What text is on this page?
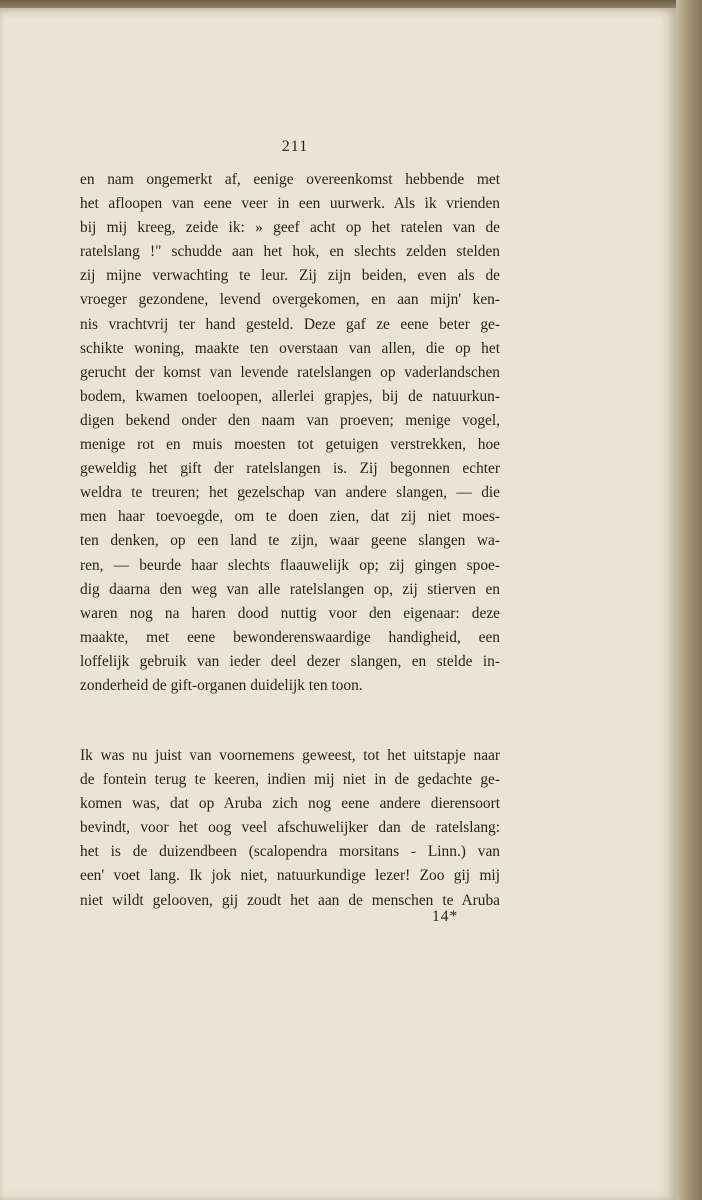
211

en nam ongemerkt af, eenige overeenkomst hebbende met
het afloopen van eene veer in een uurwerk. Als ik vrienden
bij mij kreeg, zeide ik: » geef acht op het ratelen van de
ratelslang !" schudde aan het hok, en slechts zelden stelden
zij mijne verwachting te leur. Zij zijn beiden, even als de
vroeger gezondene, levend overgekomen, en aan mijn' ken-
nis vrachtvrij ter hand gesteld. Deze gaf ze eene beter ge-
schikte woning, maakte ten overstaan van allen, die op het
gerucht der komst van levende ratelslangen op vaderlandschen
bodem, kwamen toeloopen, allerlei grapjes, bij de natuurkun-
digen bekend onder den naam van proeven; menige vogel,
menige rot en muis moesten tot getuigen verstrekken, hoe
geweldig het gift der ratelslangen is. Zij begonnen echter
weldra te treuren; het gezelschap van andere slangen, — die
men haar toevoegde, om te doen zien, dat zij niet moes-
ten denken, op een land te zijn, waar geene slangen wa-
ren, — beurde haar slechts flaauwelijk op; zij gingen spoe-
dig daarna den weg van alle ratelslangen op, zij stierven en
waren nog na haren dood nuttig voor den eigenaar: deze
maakte, met eene bewonderenswaardige handigheid, een
loffelijk gebruik van ieder deel dezer slangen, en stelde in-
zonderheid de gift-organen duidelijk ten toon.

Ik was nu juist van voornemens geweest, tot het uitstapje naar
de fontein terug te keeren, indien mij niet in de gedachte ge-
komen was, dat op Aruba zich nog eene andere dierensoort
bevindt, voor het oog veel afschuwelijker dan de ratelslang:
het is de duizendbeen (scalopendra morsitans - Linn.) van
een' voet lang. Ik jok niet, natuurkundige lezer! Zoo gij mij
niet wildt gelooven, gij zoudt het aan de menschen te Aruba

14*
